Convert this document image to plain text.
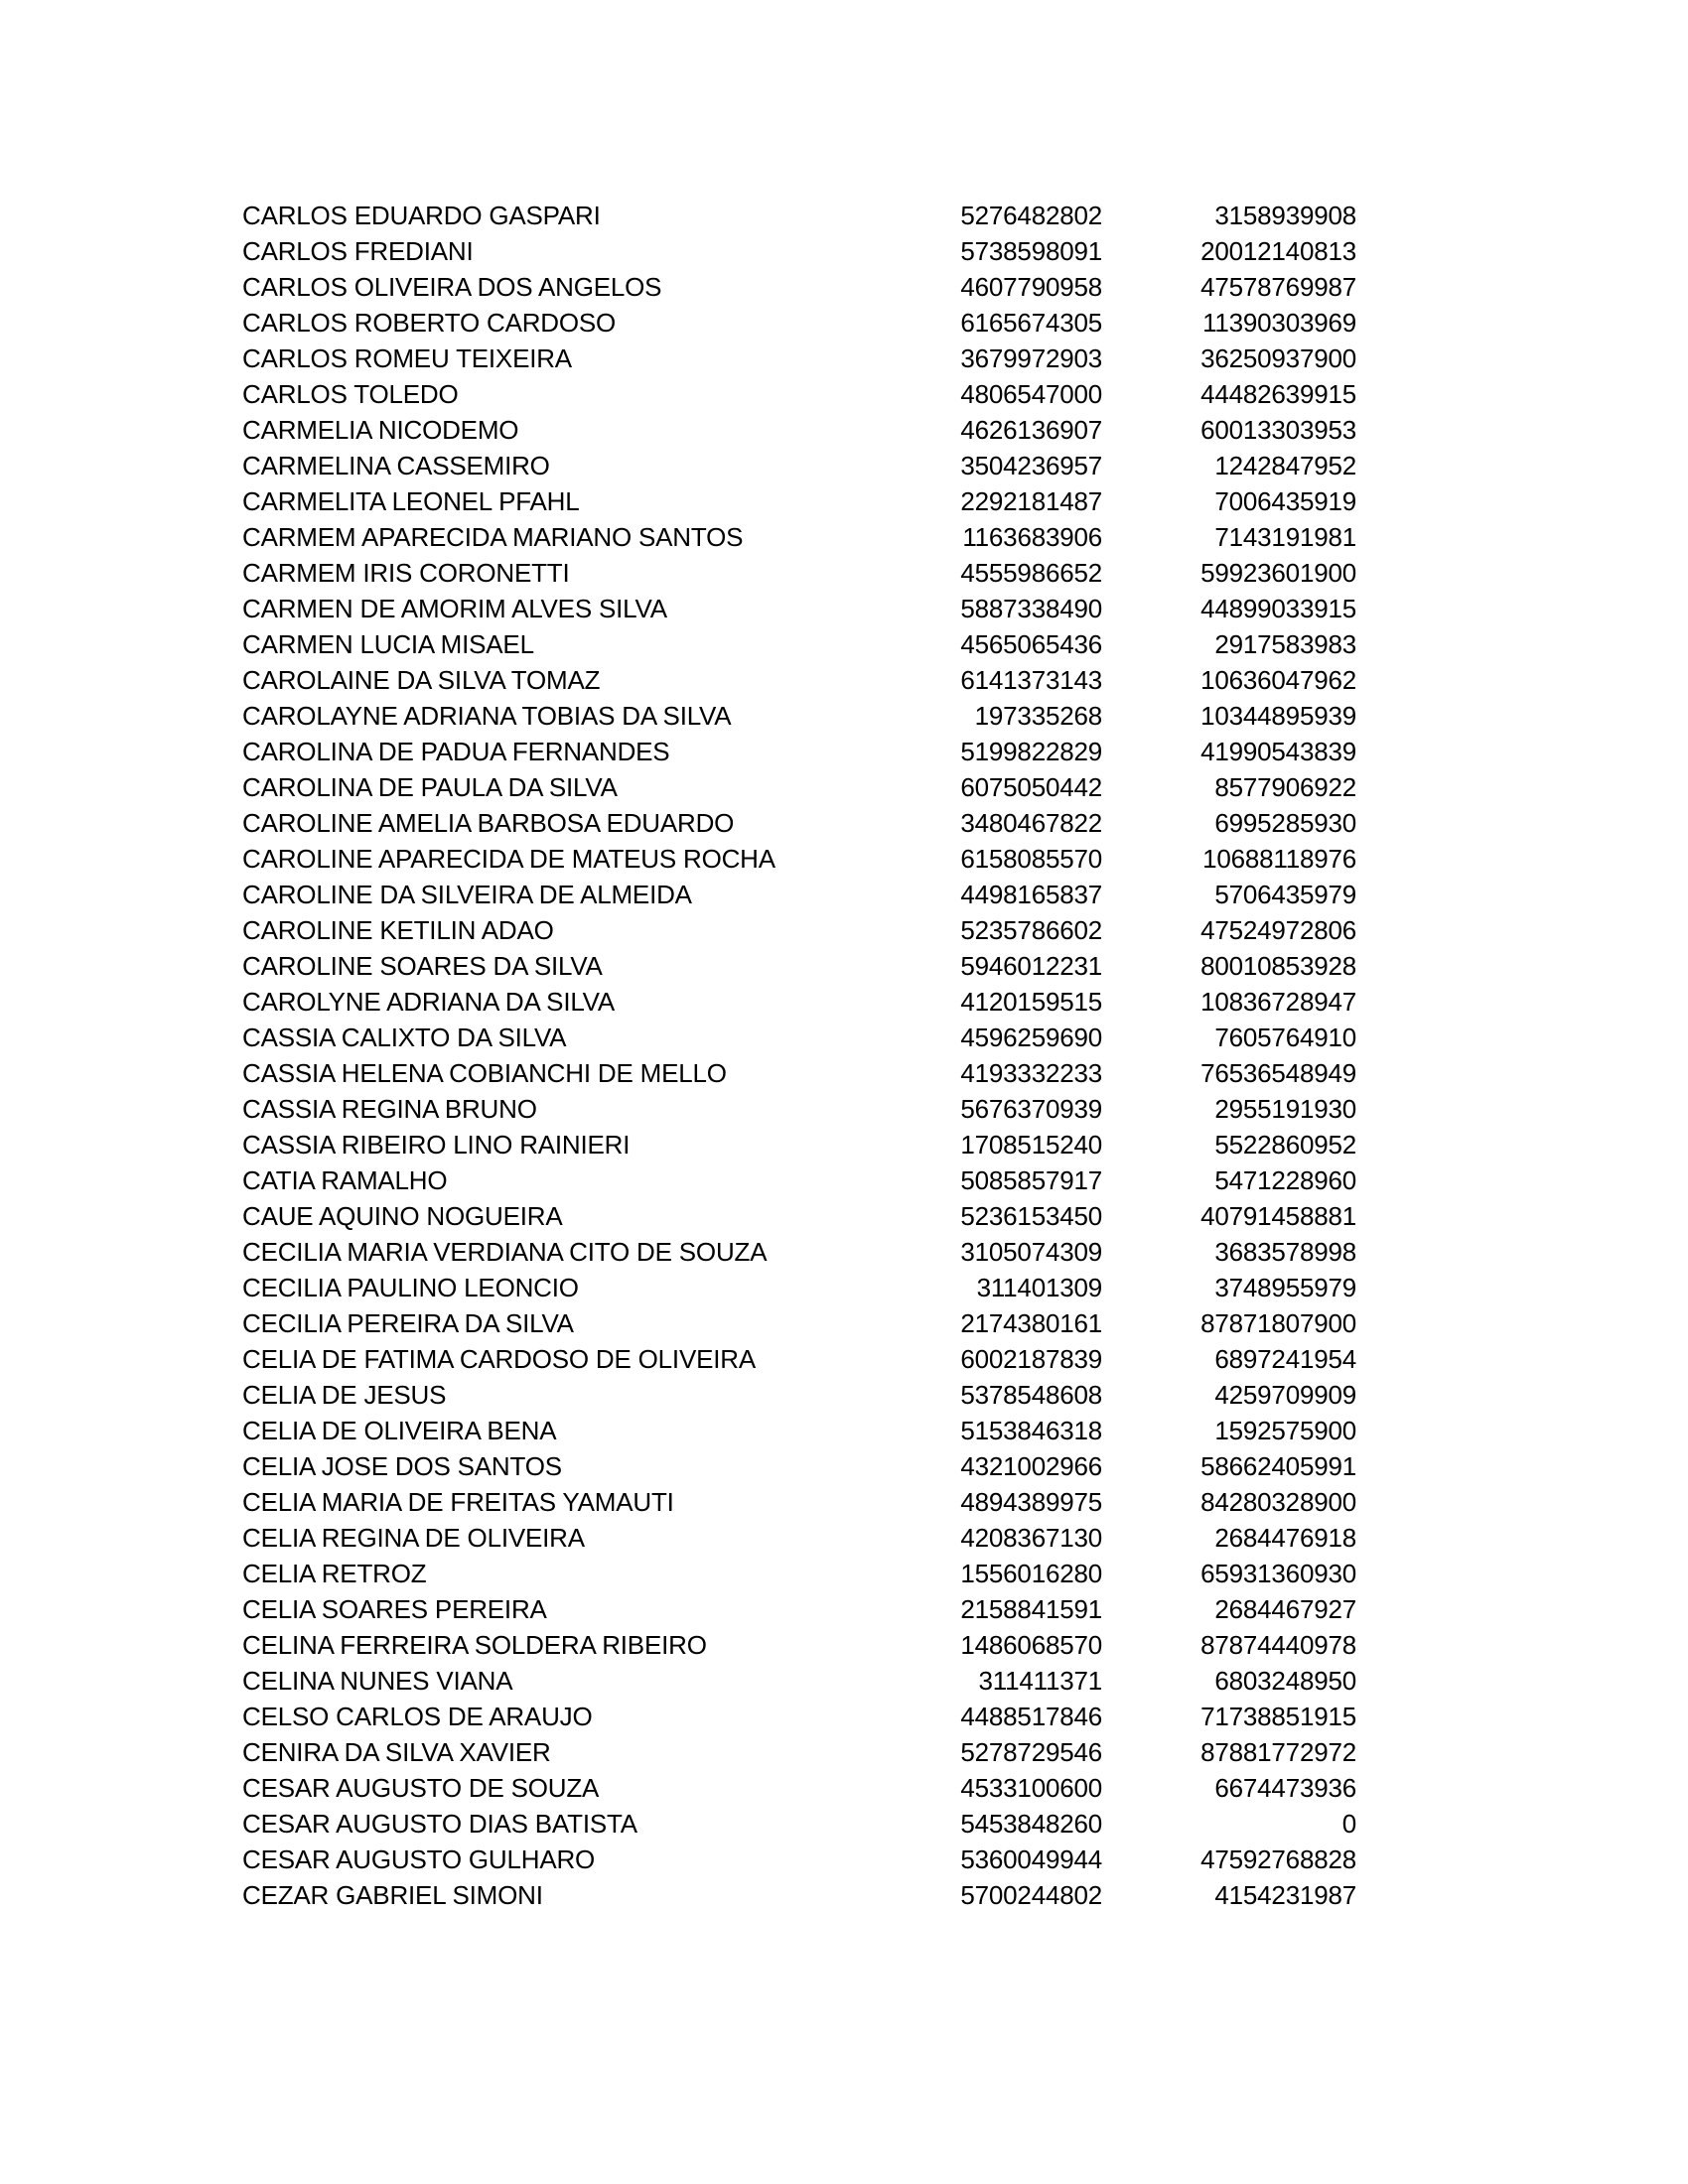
CARLOS EDUARDO GASPARI	5276482802	3158939908
CARLOS FREDIANI	5738598091	20012140813
CARLOS OLIVEIRA DOS ANGELOS	4607790958	47578769987
CARLOS ROBERTO CARDOSO	6165674305	11390303969
CARLOS ROMEU TEIXEIRA	3679972903	36250937900
CARLOS TOLEDO	4806547000	44482639915
CARMELIA NICODEMO	4626136907	60013303953
CARMELINA CASSEMIRO	3504236957	1242847952
CARMELITA LEONEL PFAHL	2292181487	7006435919
CARMEM APARECIDA MARIANO SANTOS	1163683906	7143191981
CARMEM IRIS CORONETTI	4555986652	59923601900
CARMEN DE AMORIM ALVES SILVA	5887338490	44899033915
CARMEN LUCIA MISAEL	4565065436	2917583983
CAROLAINE DA SILVA TOMAZ	6141373143	10636047962
CAROLAYNE ADRIANA TOBIAS DA SILVA	197335268	10344895939
CAROLINA DE PADUA FERNANDES	5199822829	41990543839
CAROLINA DE PAULA DA SILVA	6075050442	8577906922
CAROLINE AMELIA BARBOSA EDUARDO	3480467822	6995285930
CAROLINE APARECIDA DE MATEUS ROCHA	6158085570	10688118976
CAROLINE DA SILVEIRA DE ALMEIDA	4498165837	5706435979
CAROLINE KETILIN ADAO	5235786602	47524972806
CAROLINE SOARES DA SILVA	5946012231	80010853928
CAROLYNE ADRIANA DA SILVA	4120159515	10836728947
CASSIA CALIXTO DA SILVA	4596259690	7605764910
CASSIA HELENA COBIANCHI DE MELLO	4193332233	76536548949
CASSIA REGINA BRUNO	5676370939	2955191930
CASSIA RIBEIRO LINO RAINIERI	1708515240	5522860952
CATIA RAMALHO	5085857917	5471228960
CAUE AQUINO NOGUEIRA	5236153450	40791458881
CECILIA MARIA VERDIANA CITO DE SOUZA	3105074309	3683578998
CECILIA PAULINO LEONCIO	311401309	3748955979
CECILIA PEREIRA DA SILVA	2174380161	87871807900
CELIA DE FATIMA CARDOSO DE OLIVEIRA	6002187839	6897241954
CELIA DE JESUS	5378548608	4259709909
CELIA DE OLIVEIRA BENA	5153846318	1592575900
CELIA JOSE DOS SANTOS	4321002966	58662405991
CELIA MARIA DE FREITAS YAMAUTI	4894389975	84280328900
CELIA REGINA DE OLIVEIRA	4208367130	2684476918
CELIA RETROZ	1556016280	65931360930
CELIA SOARES PEREIRA	2158841591	2684467927
CELINA FERREIRA SOLDERA RIBEIRO	1486068570	87874440978
CELINA NUNES VIANA	311411371	6803248950
CELSO CARLOS DE ARAUJO	4488517846	71738851915
CENIRA DA SILVA XAVIER	5278729546	87881772972
CESAR AUGUSTO DE SOUZA	4533100600	6674473936
CESAR AUGUSTO DIAS BATISTA	5453848260	0
CESAR AUGUSTO GULHARO	5360049944	47592768828
CEZAR GABRIEL SIMONI	5700244802	4154231987
